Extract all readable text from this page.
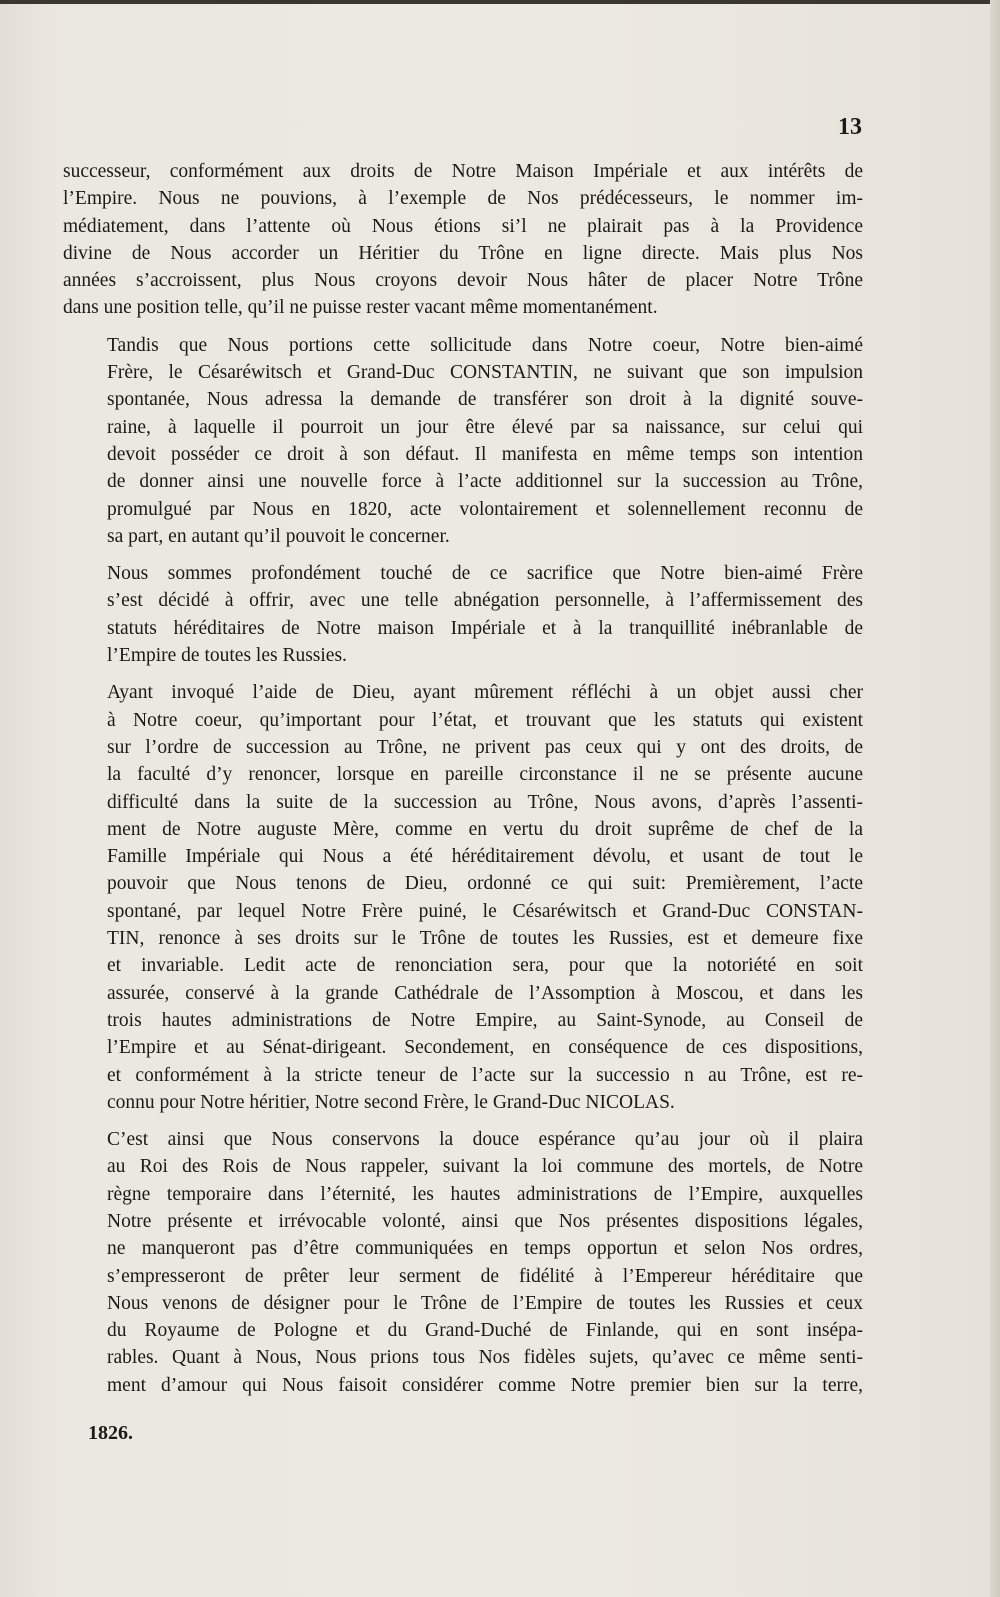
13

successeur, conformément aux droits de Notre Maison Impériale et aux intérêts de
l’Empire. Nous ne pouvions, à l’exemple de Nos prédécesseurs, le nommer im-
médiatement, dans l’attente où Nous étions si’l ne plairait pas à la Providence
divine de Nous accorder un Héritier du Trône en ligne directe. Mais plus Nos
années s’accroissent, plus Nous croyons devoir Nous hâter de placer Notre Trône
dans une position telle, qu’il ne puisse rester vacant même momentanément.

Tandis que Nous portions cette sollicitude dans Notre coeur, Notre bien-aimé
Frère, le Césaréwitsch et Grand-Duc CONSTANTIN, ne suivant que son impulsion
spontanée, Nous adressa la demande de transférer son droit à la dignité souve-
raine, à laquelle il pourroit un jour être élevé par sa naissance, sur celui qui
devoit posséder ce droit à son défaut. Il manifesta en même temps son intention
de donner ainsi une nouvelle force à l’acte additionnel sur la succession au Trône,
promulgué par Nous en 1820, acte volontairement et solennellement reconnu de
sa part, en autant qu’il pouvoit le concerner.

Nous sommes profondément touché de ce sacrifice que Notre bien-aimé Frère
s’est décidé à offrir, avec une telle abnégation personnelle, à l’affermissement des
statuts héréditaires de Notre maison Impériale et à la tranquillité inébranlable de
l’Empire de toutes les Russies.

Ayant invoqué l’aide de Dieu, ayant mûrement réfléchi à un objet aussi cher
à Notre coeur, qu’important pour l’état, et trouvant que les statuts qui existent
sur l’ordre de succession au Trône, ne privent pas ceux qui y ont des droits, de
la faculté d’y renoncer, lorsque en pareille circonstance il ne se présente aucune
difficulté dans la suite de la succession au Trône, Nous avons, d’après l’assenti-
ment de Notre auguste Mère, comme en vertu du droit suprême de chef de la
Famille Impériale qui Nous a été héréditairement dévolu, et usant de tout le
pouvoir que Nous tenons de Dieu, ordonné ce qui suit: Premièrement, l’acte
spontané, par lequel Notre Frère puiné, le Césaréwitsch et Grand-Duc CONSTAN-
TIN, renonce à ses droits sur le Trône de toutes les Russies, est et demeure fixe
et invariable. Ledit acte de renonciation sera, pour que la notoriété en soit
assurée, conservé à la grande Cathédrale de l’Assomption à Moscou, et dans les
trois hautes administrations de Notre Empire, au Saint-Synode, au Conseil de
l’Empire et au Sénat-dirigeant. Secondement, en conséquence de ces dispositions,
et conformément à la stricte teneur de l’acte sur la successio n au Trône, est re-
connu pour Notre héritier, Notre second Frère, le Grand-Duc NICOLAS.

C’est ainsi que Nous conservons la douce espérance qu’au jour où il plaira
au Roi des Rois de Nous rappeler, suivant la loi commune des mortels, de Notre
règne temporaire dans l’éternité, les hautes administrations de l’Empire, auxquelles
Notre présente et irrévocable volonté, ainsi que Nos présentes dispositions légales,
ne manqueront pas d’être communiquées en temps opportun et selon Nos ordres,
s’empresseront de prêter leur serment de fidélité à l’Empereur héréditaire que
Nous venons de désigner pour le Trône de l’Empire de toutes les Russies et ceux
du Royaume de Pologne et du Grand-Duché de Finlande, qui en sont insépa-
rables. Quant à Nous, Nous prions tous Nos fidèles sujets, qu’avec ce même senti-
ment d’amour qui Nous faisoit considérer comme Notre premier bien sur la terre,

1826.
